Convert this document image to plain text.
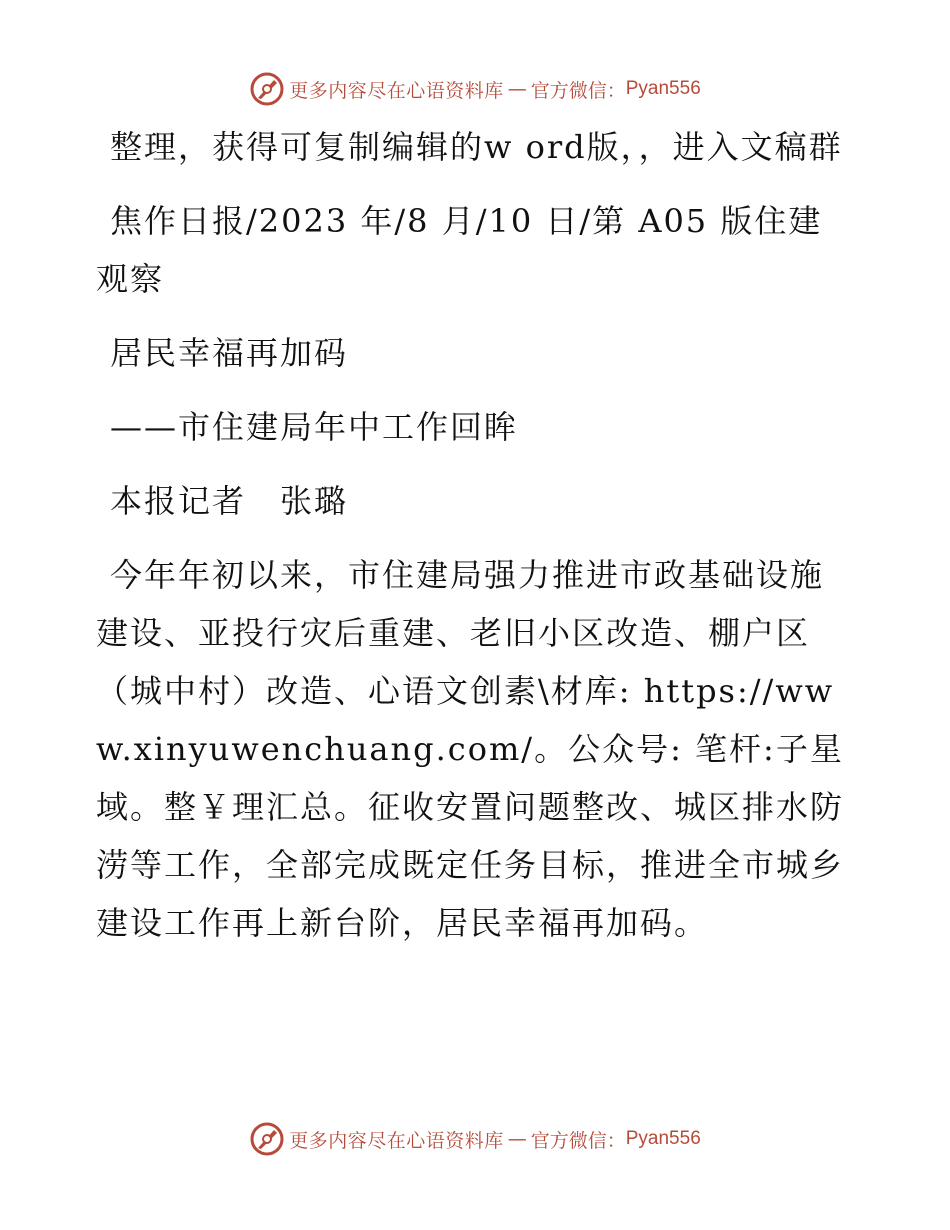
更多内容尽在心语资料库 — 官方微信： Pyan556

整理，获得可复制编辑的w ord版，，进入文稿群

焦作日报/2023 年/8 月/10 日/第 A05 版住建观察

居民幸福再加码

——市住建局年中工作回眸

本报记者　张璐

今年年初以来，市住建局强力推进市政基础设施建设、亚投行灾后重建、老旧小区改造、棚户区（城中村）改造、心语文创素\材库: https://www.xinyuwenchuang.com/。公众号: 笔杆:子星域。整￥理汇总。征收安置问题整改、城区排水防涝等工作，全部完成既定任务目标，推进全市城乡建设工作再上新台阶，居民幸福再加码。

更多内容尽在心语资料库 — 官方微信： Pyan556
